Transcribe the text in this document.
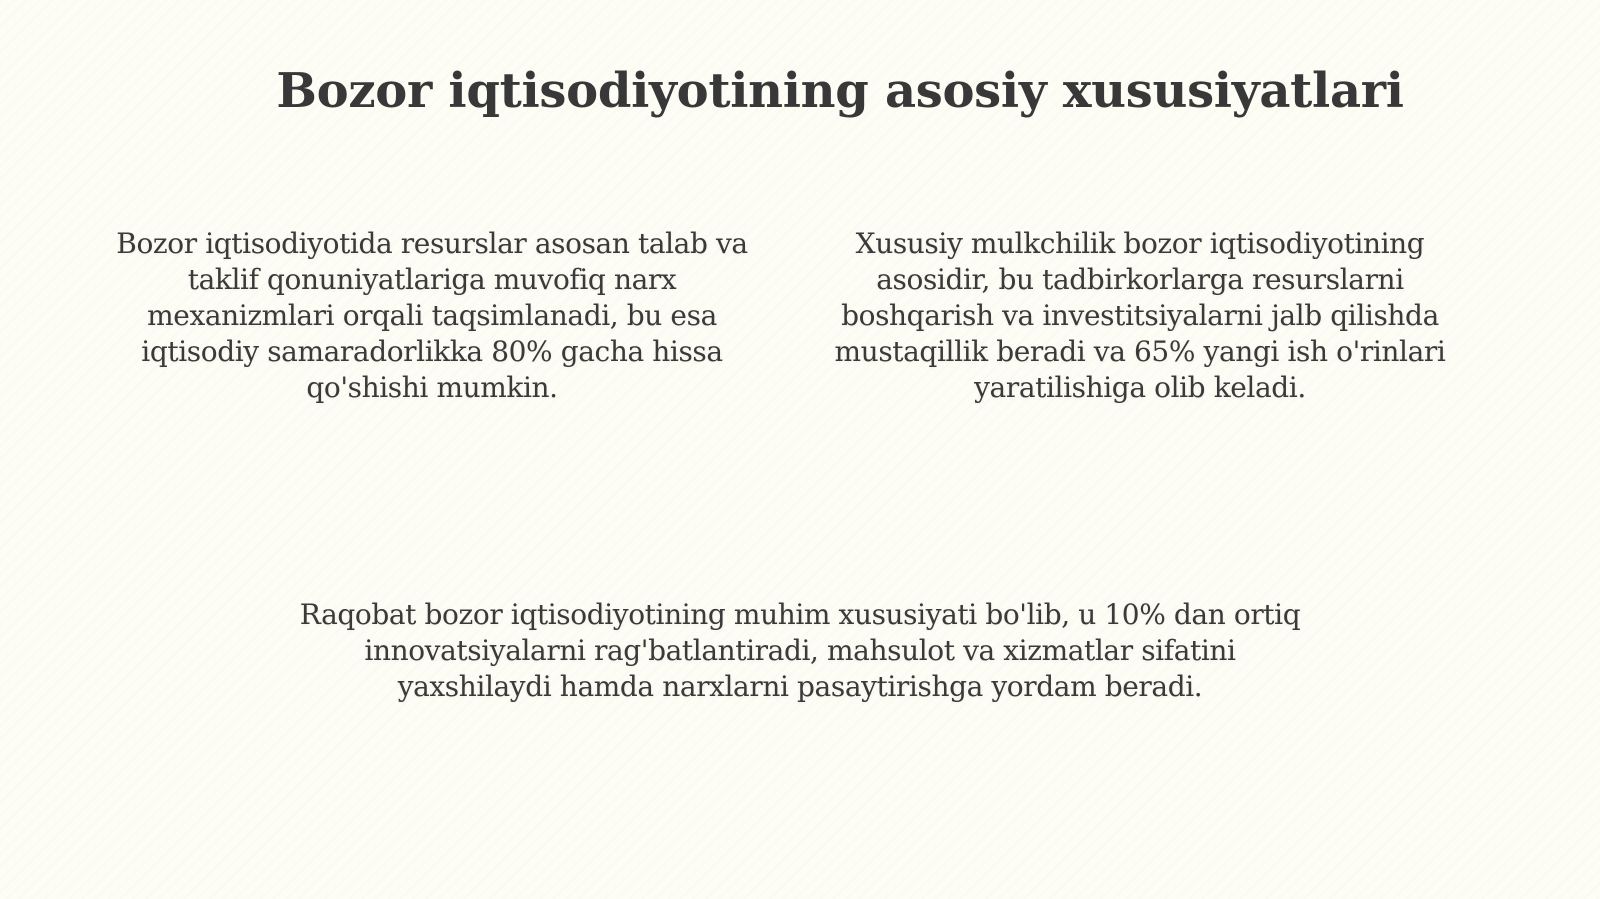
Bozor iqtisodiyotining asosiy xususiyatlari

Bozor iqtisodiyotida resurslar asosan talab va taklif qonuniyatlariga muvofiq narx mexanizmlari orqali taqsimlanadi, bu esa iqtisodiy samaradorlikka 80% gacha hissa qo'shishi mumkin.

Xususiy mulkchilik bozor iqtisodiyotining asosidir, bu tadbirkorlarga resurslarni boshqarish va investitsiyalarni jalb qilishda mustaqillik beradi va 65% yangi ish o'rinlari yaratilishiga olib keladi.

Raqobat bozor iqtisodiyotining muhim xususiyati bo'lib, u 10% dan ortiq innovatsiyalarni rag'batlantiradi, mahsulot va xizmatlar sifatini yaxshilaydi hamda narxlarni pasaytirishga yordam beradi.
